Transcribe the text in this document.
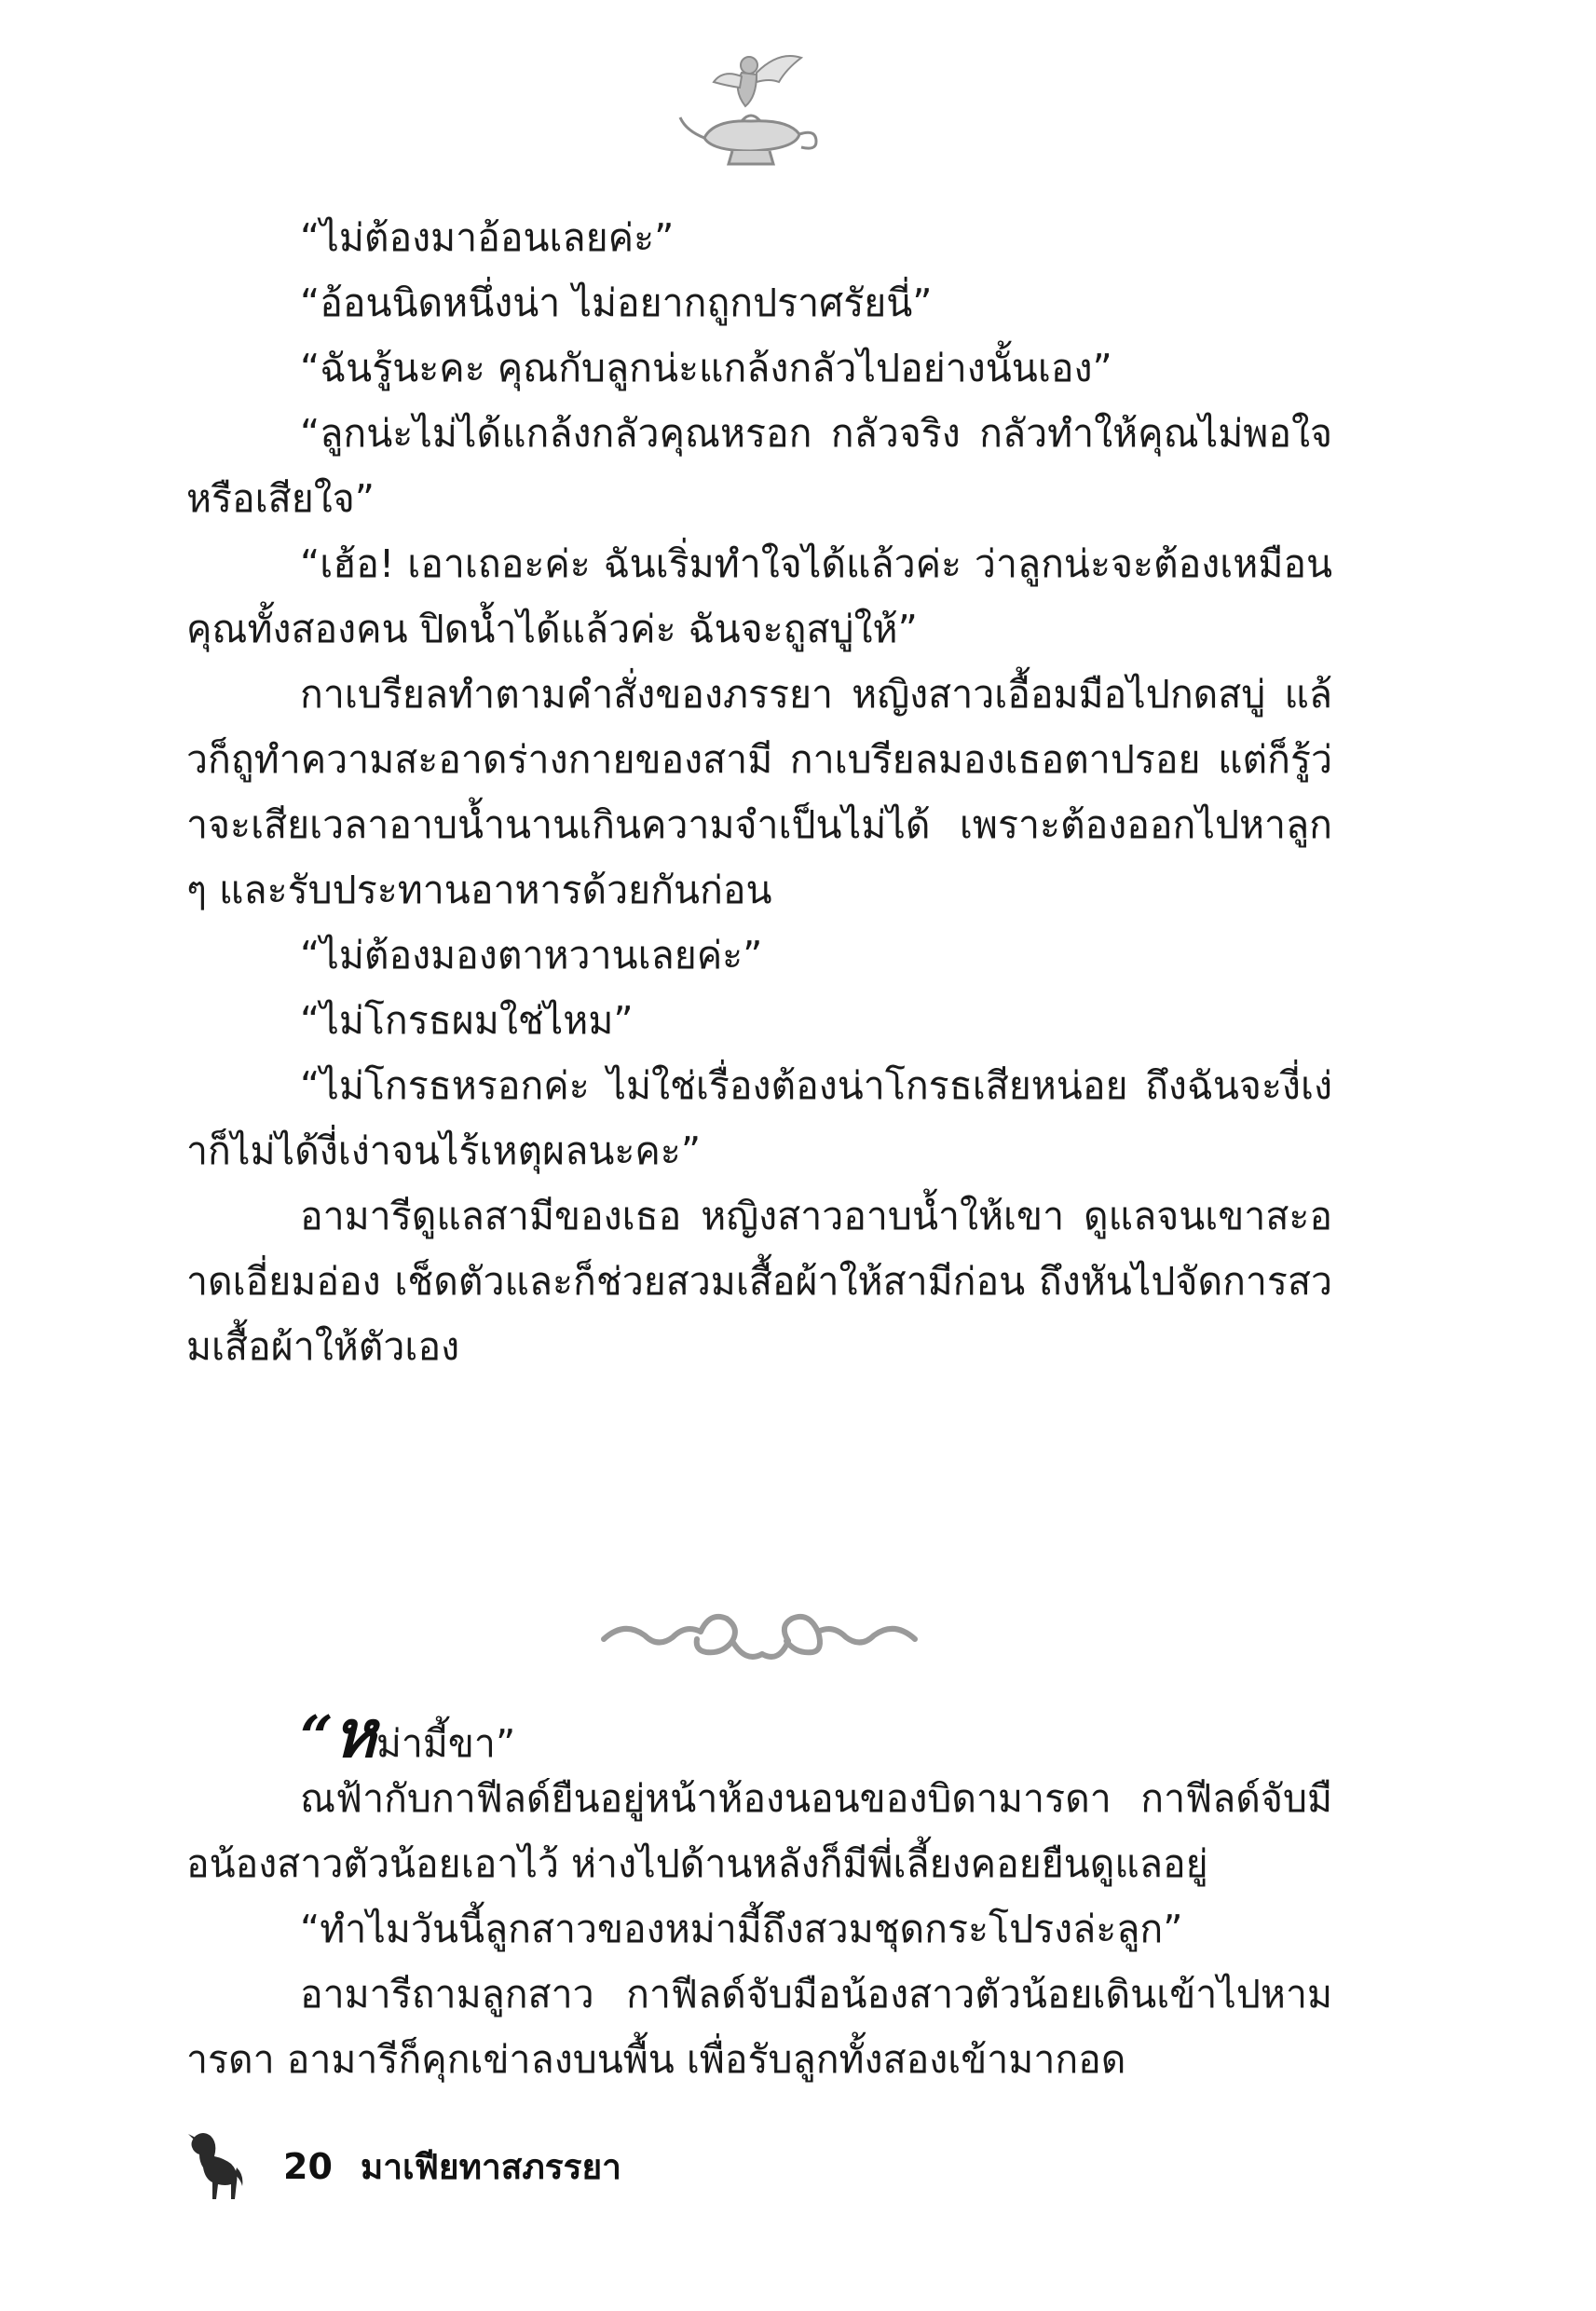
“ไม่ต้องมาอ้อนเลยค่ะ”

“อ้อนนิดหนึ่งน่า ไม่อยากถูกปราศรัยนี่”

“ฉันรู้นะคะ คุณกับลูกน่ะแกล้งกลัวไปอย่างนั้นเอง”

“ลูกน่ะไม่ได้แกล้งกลัวคุณหรอก กลัวจริง กลัวทำให้คุณไม่พอใจหรือเสียใจ”

“เฮ้อ! เอาเถอะค่ะ ฉันเริ่มทำใจได้แล้วค่ะ ว่าลูกน่ะจะต้องเหมือนคุณทั้งสองคน ปิดน้ำได้แล้วค่ะ ฉันจะถูสบู่ให้”

กาเบรียลทำตามคำสั่งของภรรยา หญิงสาวเอื้อมมือไปกดสบู่ แล้วก็ถูทำความสะอาดร่างกายของสามี กาเบรียลมองเธอตาปรอย แต่ก็รู้ว่าจะเสียเวลาอาบน้ำนานเกินความจำเป็นไม่ได้ เพราะต้องออกไปหาลูกๆ และรับประทานอาหารด้วยกันก่อน

“ไม่ต้องมองตาหวานเลยค่ะ”

“ไม่โกรธผมใช่ไหม”

“ไม่โกรธหรอกค่ะ ไม่ใช่เรื่องต้องน่าโกรธเสียหน่อย ถึงฉันจะงี่เง่าก็ไม่ได้งี่เง่าจนไร้เหตุผลนะคะ”

อามารีดูแลสามีของเธอ หญิงสาวอาบน้ำให้เขา ดูแลจนเขาสะอาดเอี่ยมอ่อง เช็ดตัวและก็ช่วยสวมเสื้อผ้าให้สามีก่อน ถึงหันไปจัดการสวมเสื้อผ้าให้ตัวเอง

“ ห ม่ามี้ขา”

ณฟ้ากับกาฟีลด์ยืนอยู่หน้าห้องนอนของบิดามารดา กาฟีลด์จับมือน้องสาวตัวน้อยเอาไว้ ห่างไปด้านหลังก็มีพี่เลี้ยงคอยยืนดูแลอยู่

“ทำไมวันนี้ลูกสาวของหม่ามี้ถึงสวมชุดกระโปรงล่ะลูก”

อามารีถามลูกสาว กาฟีลด์จับมือน้องสาวตัวน้อยเดินเข้าไปหามารดา อามารีก็คุกเข่าลงบนพื้น เพื่อรับลูกทั้งสองเข้ามากอด

20 มาเฟียทาสภรรยา
